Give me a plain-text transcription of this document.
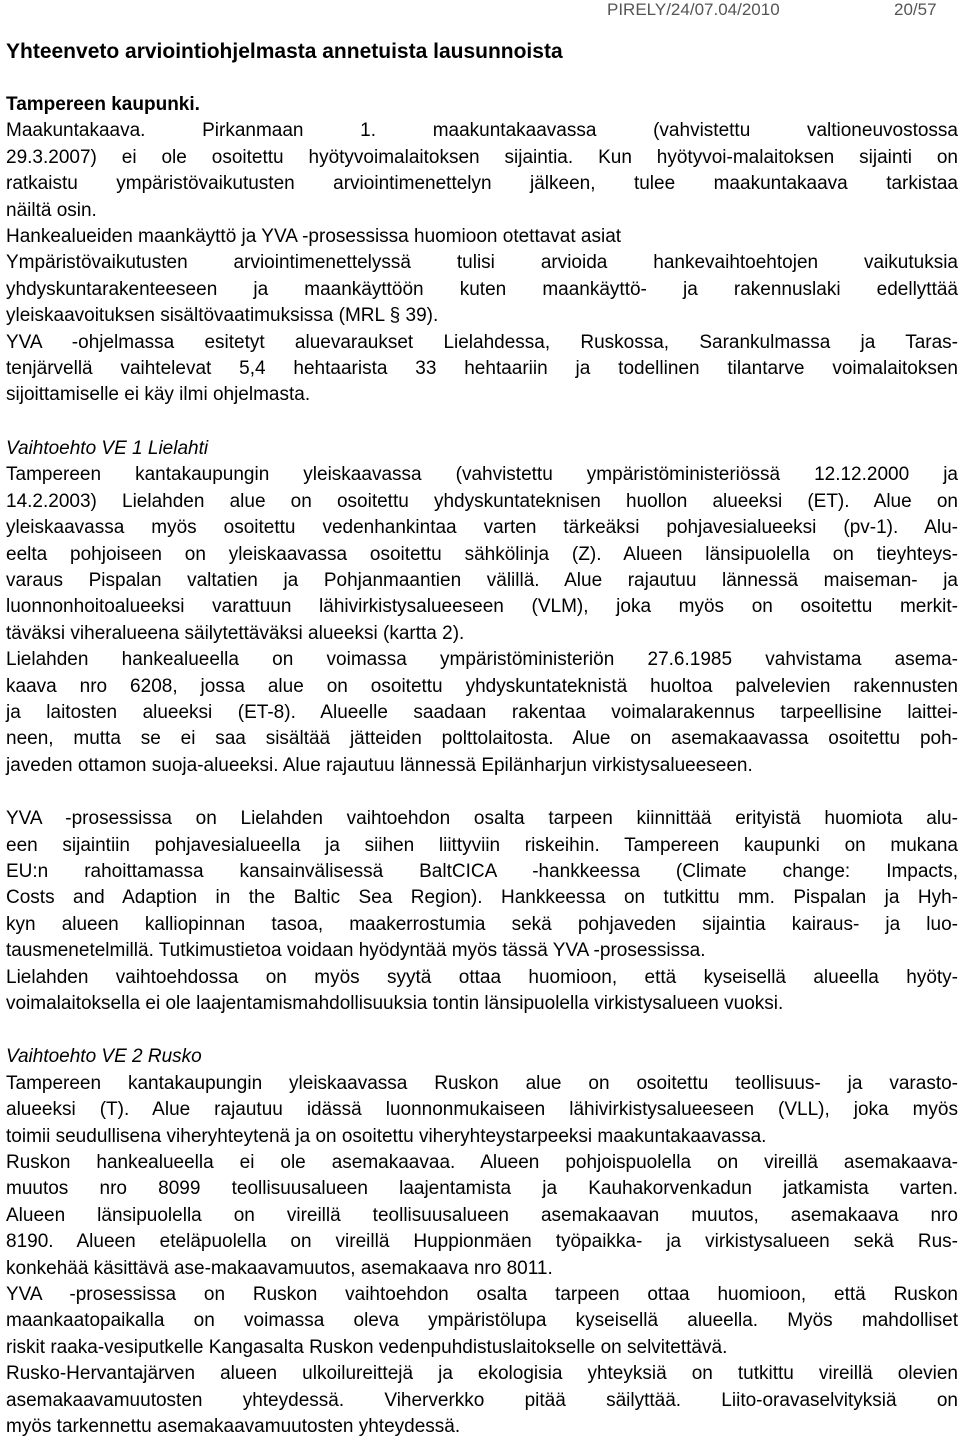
PIRELY/24/07.04/2010	20/57
Yhteenveto arviointiohjelmasta annetuista lausunnoista

Tampereen kaupunki.

Maakuntakaava. Pirkanmaan 1. maakuntakaavassa (vahvistettu valtioneuvostossa
29.3.2007) ei ole osoitettu hyötyvoimalaitoksen sijaintia. Kun hyötyvoi-malaitoksen sijainti on
ratkaistu ympäristövaikutusten arviointimenettelyn jälkeen, tulee maakuntakaava tarkistaa
näiltä osin.
Hankealueiden maankäyttö ja YVA -prosessissa huomioon otettavat asiat
Ympäristövaikutusten arviointimenettelyssä tulisi arvioida hankevaihtoehtojen vaikutuksia
yhdyskuntarakenteeseen ja maankäyttöön kuten maankäyttö- ja rakennuslaki edellyttää
yleiskaavoituksen sisältövaatimuksissa (MRL § 39).
YVA -ohjelmassa esitetyt aluevaraukset Lielahdessa, Ruskossa, Sarankulmassa ja Taras-
tenjärvellä vaihtelevat 5,4 hehtaarista 33 hehtaariin ja todellinen tilantarve voimalaitoksen
sijoittamiselle ei käy ilmi ohjelmasta.

Vaihtoehto VE 1 Lielahti

Tampereen kantakaupungin yleiskaavassa (vahvistettu ympäristöministeriössä 12.12.2000 ja
14.2.2003) Lielahden alue on osoitettu yhdyskuntateknisen huollon alueeksi (ET). Alue on
yleiskaavassa myös osoitettu vedenhankintaa varten tärkeäksi pohjavesialueeksi (pv-1). Alu-
eelta pohjoiseen on yleiskaavassa osoitettu sähkölinja (Z). Alueen länsipuolella on tieyhteys-
varaus Pispalan valtatien ja Pohjanmaantien välillä. Alue rajautuu lännessä maiseman- ja
luonnonhoitoalueeksi varattuun lähivirkistysalueeseen (VLM), joka myös on osoitettu merkit-
täväksi viheralueena säilytettäväksi alueeksi (kartta 2).
Lielahden hankealueella on voimassa ympäristöministeriön 27.6.1985 vahvistama asema-
kaava nro 6208, jossa alue on osoitettu yhdyskuntateknistä huoltoa palvelevien rakennusten
ja laitosten alueeksi (ET-8). Alueelle saadaan rakentaa voimalarakennus tarpeellisine laittei-
neen, mutta se ei saa sisältää jätteiden polttolaitosta. Alue on asemakaavassa osoitettu poh-
javeden ottamon suoja-alueeksi. Alue rajautuu lännessä Epilänharjun virkistysalueeseen.
YVA -prosessissa on Lielahden vaihtoehdon osalta tarpeen kiinnittää erityistä huomiota alu-
een sijaintiin pohjavesialueella ja siihen liittyviin riskeihin. Tampereen kaupunki on mukana
EU:n rahoittamassa kansainvälisessä BaltCICA -hankkeessa (Climate change: Impacts,
Costs and Adaption in the Baltic Sea Region). Hankkeessa on tutkittu mm. Pispalan ja Hyh-
kyn alueen kalliopinnan tasoa, maakerrostumia sekä pohjaveden sijaintia kairaus- ja luo-
tausmenetelmillä. Tutkimustietoa voidaan hyödyntää myös tässä YVA -prosessissa.
Lielahden vaihtoehdossa on myös syytä ottaa huomioon, että kyseisellä alueella hyöty-
voimalaitoksella ei ole laajentamismahdollisuuksia tontin länsipuolella virkistysalueen vuoksi.

Vaihtoehto VE 2 Rusko

Tampereen kantakaupungin yleiskaavassa Ruskon alue on osoitettu teollisuus- ja varasto-
alueeksi (T). Alue rajautuu idässä luonnonmukaiseen lähivirkistysalueeseen (VLL), joka myös
toimii seudullisena viheryhteytenä ja on osoitettu viheryhteystarpeeksi maakuntakaavassa.
Ruskon hankealueella ei ole asemakaavaa. Alueen pohjoispuolella on vireillä asemakaava-
muutos nro 8099 teollisuusalueen laajentamista ja Kauhakorvenkadun jatkamista varten.
Alueen länsipuolella on vireillä teollisuusalueen asemakaavan muutos, asemakaava nro
8190. Alueen eteläpuolella on vireillä Huppionmäen työpaikka- ja virkistysalueen sekä Rus-
konkehää käsittävä ase-makaavamuutos, asemakaava nro 8011.
YVA -prosessissa on Ruskon vaihtoehdon osalta tarpeen ottaa huomioon, että Ruskon
maankaatopaikalla on voimassa oleva ympäristölupa kyseisellä alueella. Myös mahdolliset
riskit raaka-vesiputkelle Kangasalta Ruskon vedenpuhdistuslaitokselle on selvitettävä.
Rusko-Hervantajärven alueen ulkoilureittejä ja ekologisia yhteyksiä on tutkittu vireillä olevien
asemakaavamuutosten yhteydessä. Viherverkko pitää säilyttää. Liito-oravaselvityksiä on
myös tarkennettu asemakaavamuutosten yhteydessä.
